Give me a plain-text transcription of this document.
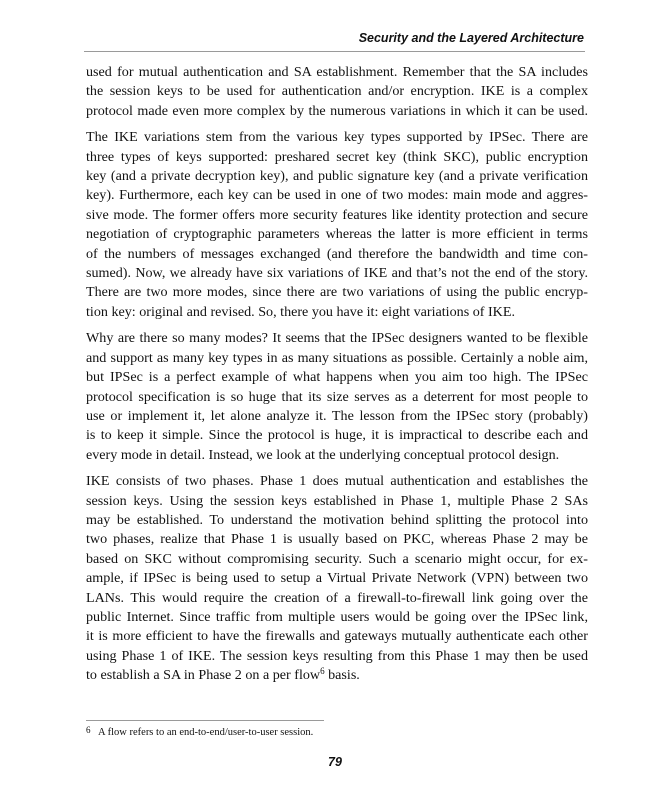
Security and the Layered Architecture

used for mutual authentication and SA establishment. Remember that the SA includes
the session keys to be used for authentication and/or encryption. IKE is a complex
protocol made even more complex by the numerous variations in which it can be used.

The IKE variations stem from the various key types supported by IPSec. There are
three types of keys supported: preshared secret key (think SKC), public encryption
key (and a private decryption key), and public signature key (and a private verification
key). Furthermore, each key can be used in one of two modes: main mode and aggres-
sive mode. The former offers more security features like identity protection and secure
negotiation of cryptographic parameters whereas the latter is more efficient in terms
of the numbers of messages exchanged (and therefore the bandwidth and time con-
sumed). Now, we already have six variations of IKE and that’s not the end of the story.
There are two more modes, since there are two variations of using the public encryp-
tion key: original and revised. So, there you have it: eight variations of IKE.

Why are there so many modes? It seems that the IPSec designers wanted to be flexible
and support as many key types in as many situations as possible. Certainly a noble aim,
but IPSec is a perfect example of what happens when you aim too high. The IPSec
protocol specification is so huge that its size serves as a deterrent for most people to
use or implement it, let alone analyze it. The lesson from the IPSec story (probably)
is to keep it simple. Since the protocol is huge, it is impractical to describe each and
every mode in detail. Instead, we look at the underlying conceptual protocol design.

IKE consists of two phases. Phase 1 does mutual authentication and establishes the
session keys. Using the session keys established in Phase 1, multiple Phase 2 SAs
may be established. To understand the motivation behind splitting the protocol into
two phases, realize that Phase 1 is usually based on PKC, whereas Phase 2 may be
based on SKC without compromising security. Such a scenario might occur, for ex-
ample, if IPSec is being used to setup a Virtual Private Network (VPN) between two
LANs. This would require the creation of a firewall-to-firewall link going over the
public Internet. Since traffic from multiple users would be going over the IPSec link,
it is more efficient to have the firewalls and gateways mutually authenticate each other
using Phase 1 of IKE. The session keys resulting from this Phase 1 may then be used
to establish a SA in Phase 2 on a per flow$^6$ basis.

6 A flow refers to an end-to-end/user-to-user session.
79
